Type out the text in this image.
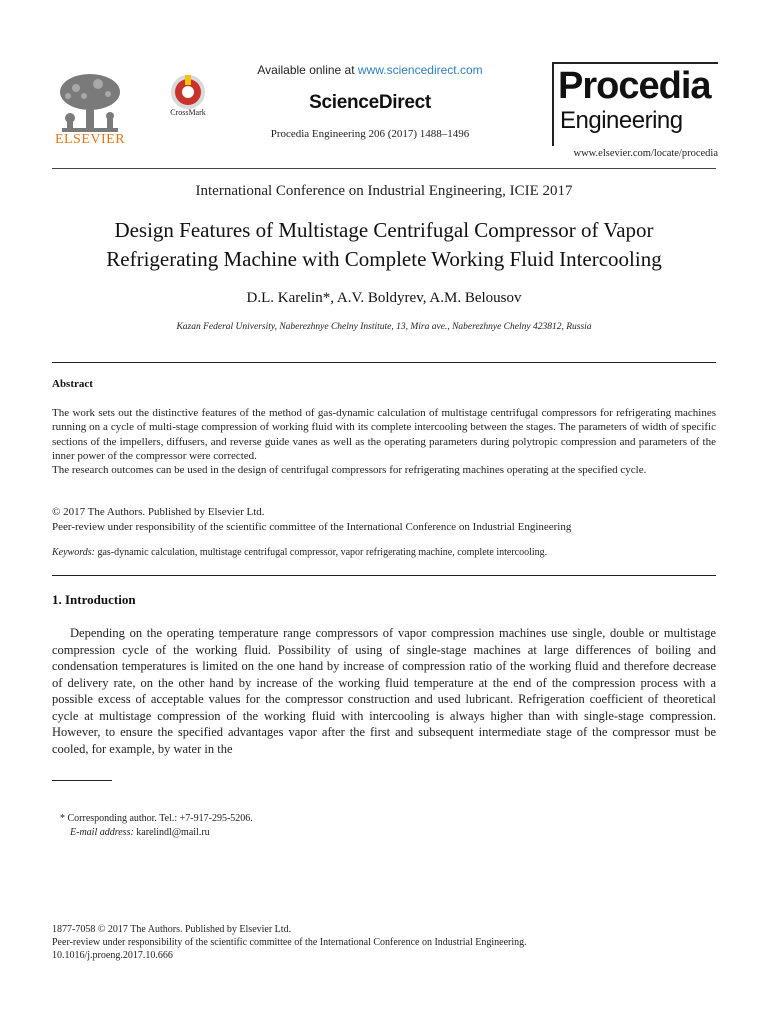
ELSEVIER
CrossMark
Available online at www.sciencedirect.com
ScienceDirect
Procedia Engineering 206 (2017) 1488–1496
Procedia
Engineering
www.elsevier.com/locate/procedia
International Conference on Industrial Engineering, ICIE 2017
Design Features of Multistage Centrifugal Compressor of Vapor
Refrigerating Machine with Complete Working Fluid Intercooling
D.L. Karelin*, A.V. Boldyrev, A.M. Belousov
Kazan Federal University, Naberezhnye Chelny Institute, 13, Mira ave., Naberezhnye Chelny 423812, Russia
Abstract

The work sets out the distinctive features of the method of gas-dynamic calculation of multistage centrifugal compressors for refrigerating machines running on a cycle of multi-stage compression of working fluid with its complete intercooling between the stages. The parameters of width of specific sections of the impellers, diffusers, and reverse guide vanes as well as the operating parameters during polytropic compression and parameters of the inner power of the compressor were corrected.

The research outcomes can be used in the design of centrifugal compressors for refrigerating machines operating at the specified cycle.

© 2017 The Authors. Published by Elsevier Ltd.

Peer-review under responsibility of the scientific committee of the International Conference on Industrial Engineering

Keywords: gas-dynamic calculation, multistage centrifugal compressor, vapor refrigerating machine, complete intercooling.
1. Introduction

Depending on the operating temperature range compressors of vapor compression machines use single, double or multistage compression cycle of the working fluid. Possibility of using of single-stage machines at large differences of boiling and condensation temperatures is limited on the one hand by increase of compression ratio of the working fluid and therefore decrease of delivery rate, on the other hand by increase of the working fluid temperature at the end of the compression process with a possible excess of acceptable values for the compressor construction and used lubricant. Refrigeration coefficient of theoretical cycle at multistage compression of the working fluid with intercooling is always higher than with single-stage compression. However, to ensure the specified advantages vapor after the first and subsequent intermediate stage of the compressor must be cooled, for example, by water in the

* Corresponding author. Tel.: +7-917-295-5206.

E-mail address: karelindl@mail.ru

1877-7058 © 2017 The Authors. Published by Elsevier Ltd.

Peer-review under responsibility of the scientific committee of the International Conference on Industrial Engineering.

10.1016/j.proeng.2017.10.666
